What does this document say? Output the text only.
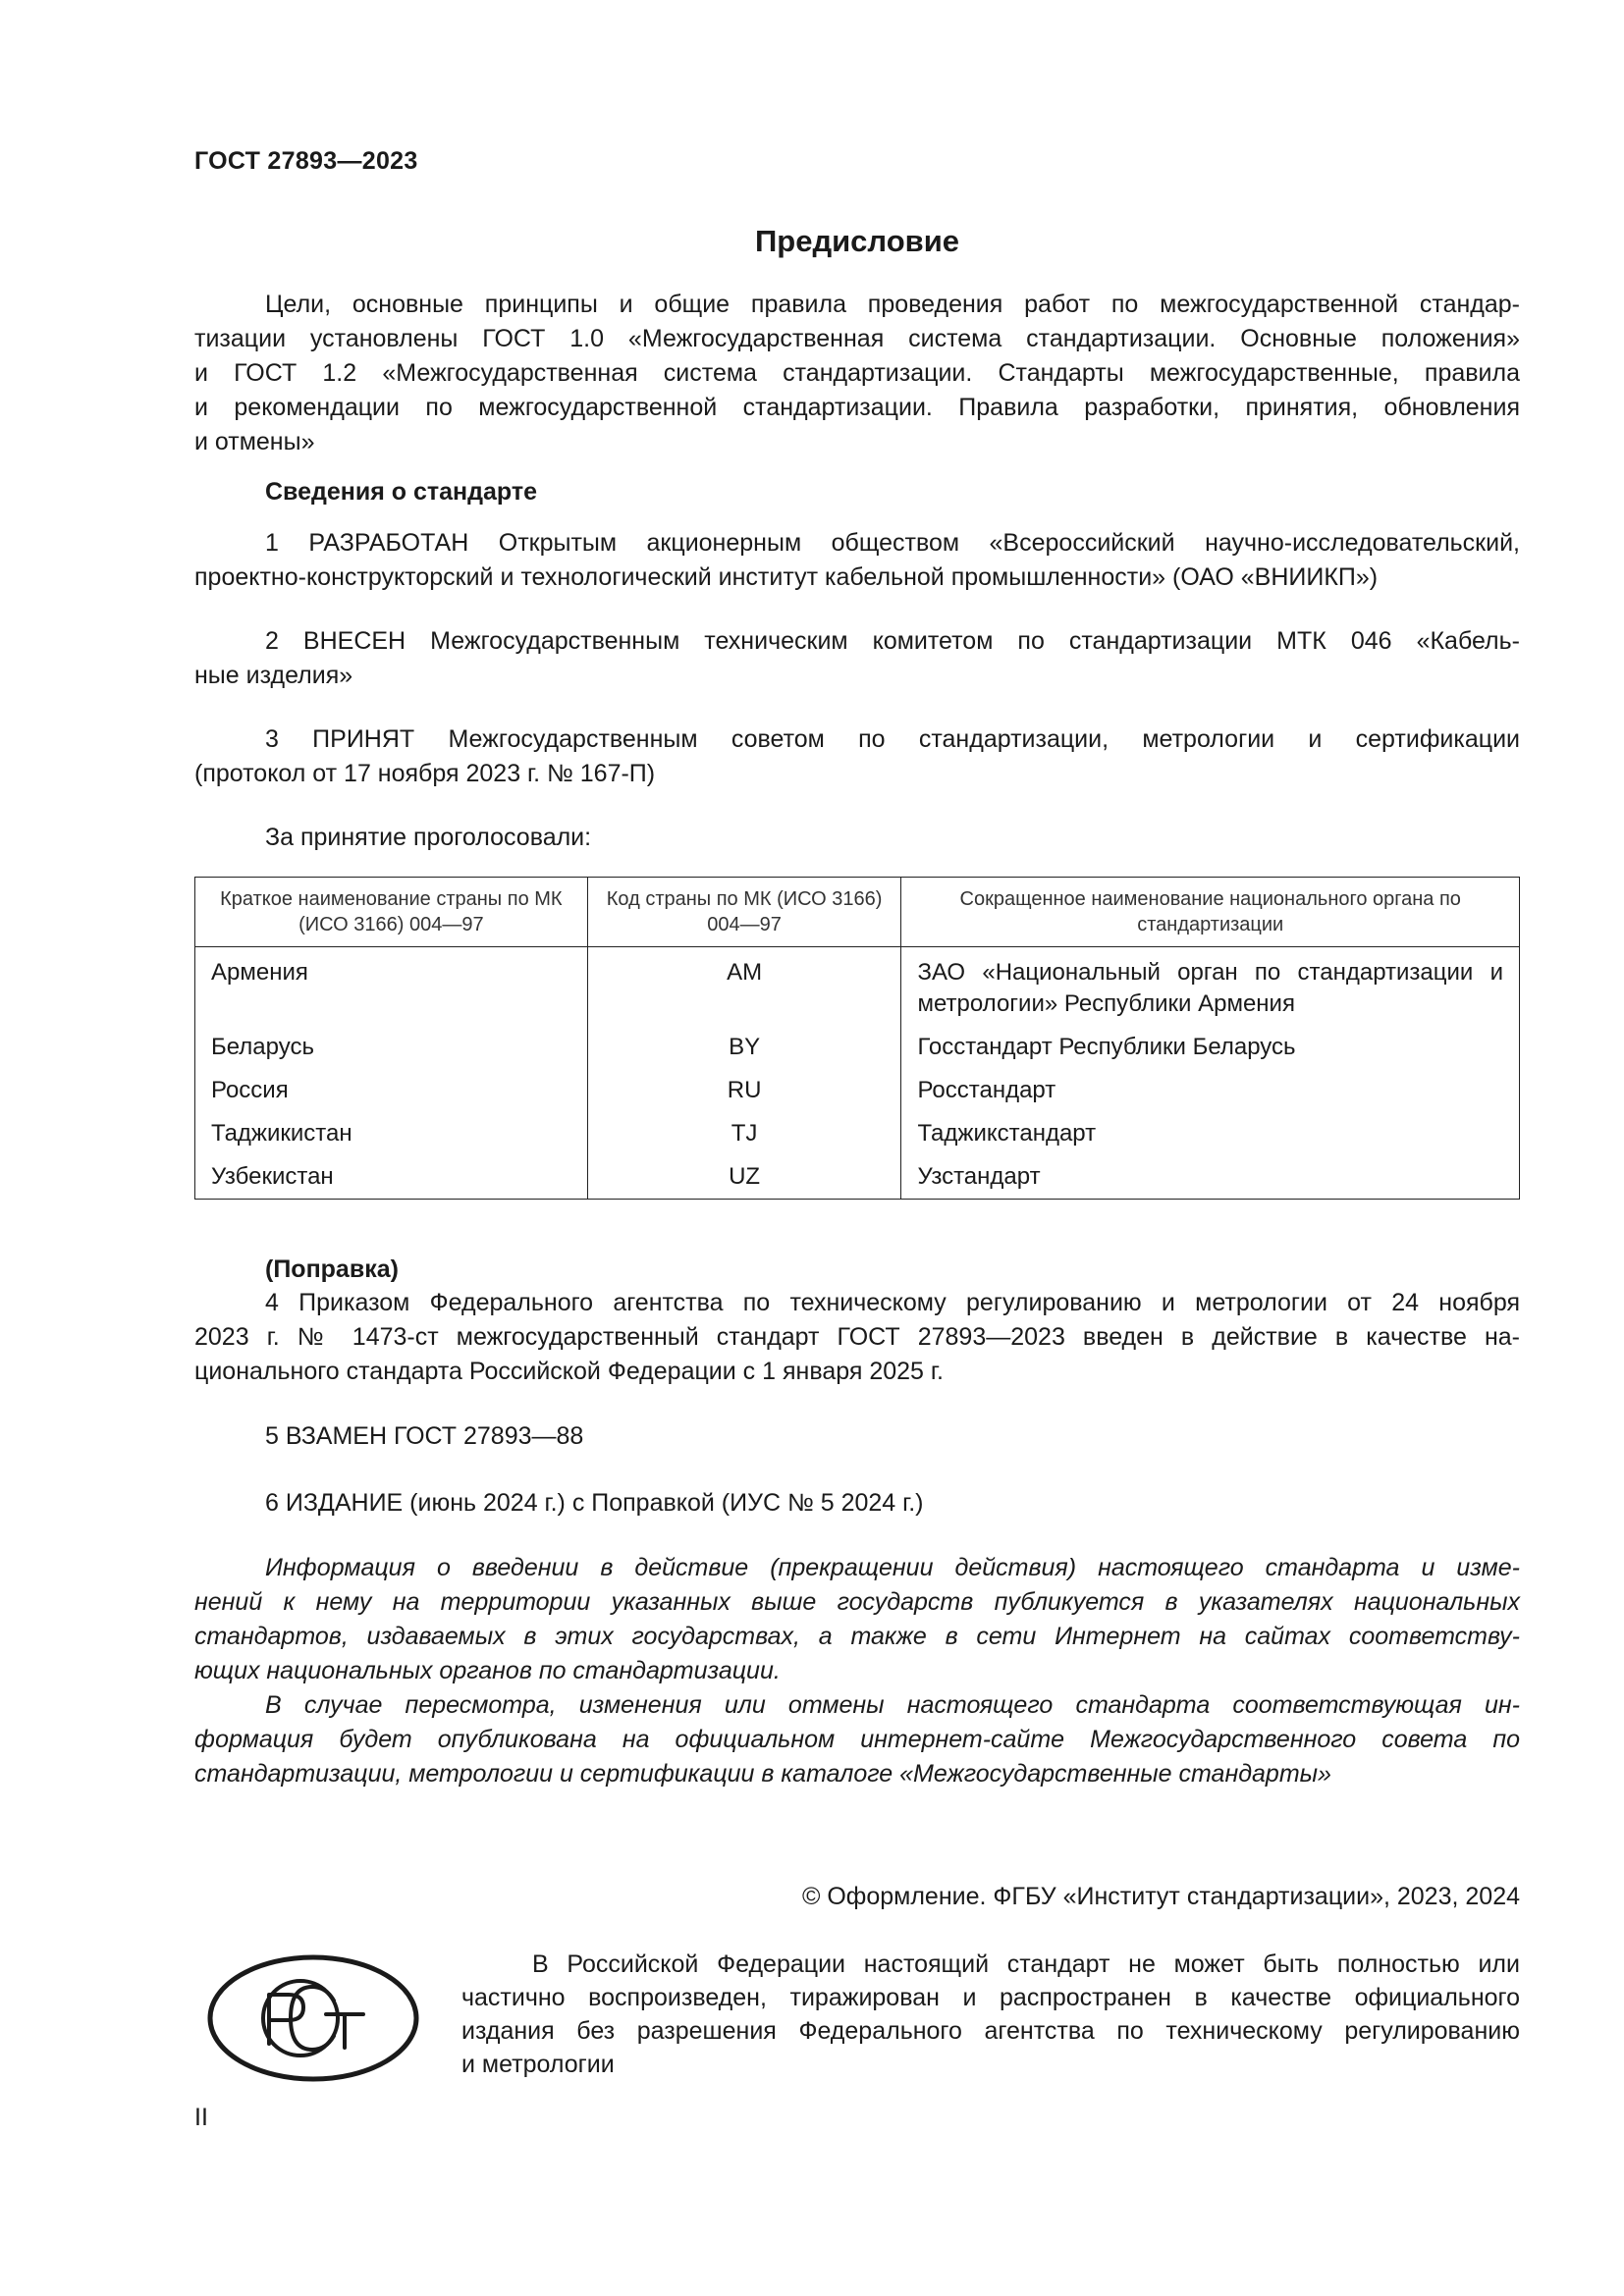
ГОСТ 27893—2023
Предисловие
Цели, основные принципы и общие правила проведения работ по межгосударственной стандар-
тизации установлены ГОСТ 1.0 «Межгосударственная система стандартизации. Основные положения»
и ГОСТ 1.2 «Межгосударственная система стандартизации. Стандарты межгосударственные, правила
и рекомендации по межгосударственной стандартизации. Правила разработки, принятия, обновления
и отмены»
Сведения о стандарте
1 РАЗРАБОТАН Открытым акционерным обществом «Всероссийский научно-исследовательский,
проектно-конструкторский и технологический институт кабельной промышленности» (ОАО «ВНИИКП»)
2 ВНЕСЕН Межгосударственным техническим комитетом по стандартизации МТК 046 «Кабель-
ные изделия»
3 ПРИНЯТ Межгосударственным советом по стандартизации, метрологии и сертификации
(протокол от 17 ноября 2023 г. № 167-П)
За принятие проголосовали:
Краткое наименование страны по МК (ИСО 3166) 004—97	Код страны по МК (ИСО 3166) 004—97	Сокращенное наименование национального органа по стандартизации
Армения	AM	ЗАО «Национальный орган по стандартизации и метрологии» Республики Армения
Беларусь	BY	Госстандарт Республики Беларусь
Россия	RU	Росстандарт
Таджикистан	TJ	Таджикстандарт
Узбекистан	UZ	Узстандарт
(Поправка)
4 Приказом Федерального агентства по техническому регулированию и метрологии от 24 ноября
2023 г. № 1473-ст межгосударственный стандарт ГОСТ 27893—2023 введен в действие в качестве на-
ционального стандарта Российской Федерации с 1 января 2025 г.
5 ВЗАМЕН ГОСТ 27893—88
6 ИЗДАНИЕ (июнь 2024 г.) с Поправкой (ИУС № 5 2024 г.)
Информация о введении в действие (прекращении действия) настоящего стандарта и изме-
нений к нему на территории указанных выше государств публикуется в указателях национальных
стандартов, издаваемых в этих государствах, а также в сети Интернет на сайтах соответству-
ющих национальных органов по стандартизации.
В случае пересмотра, изменения или отмены настоящего стандарта соответствующая ин-
формация будет опубликована на официальном интернет-сайте Межгосударственного совета по
стандартизации, метрологии и сертификации в каталоге «Межгосударственные стандарты»
© Оформление. ФГБУ «Институт стандартизации», 2023, 2024
В Российской Федерации настоящий стандарт не может быть полностью или
частично воспроизведен, тиражирован и распространен в качестве официального
издания без разрешения Федерального агентства по техническому регулированию
и метрологии
II
